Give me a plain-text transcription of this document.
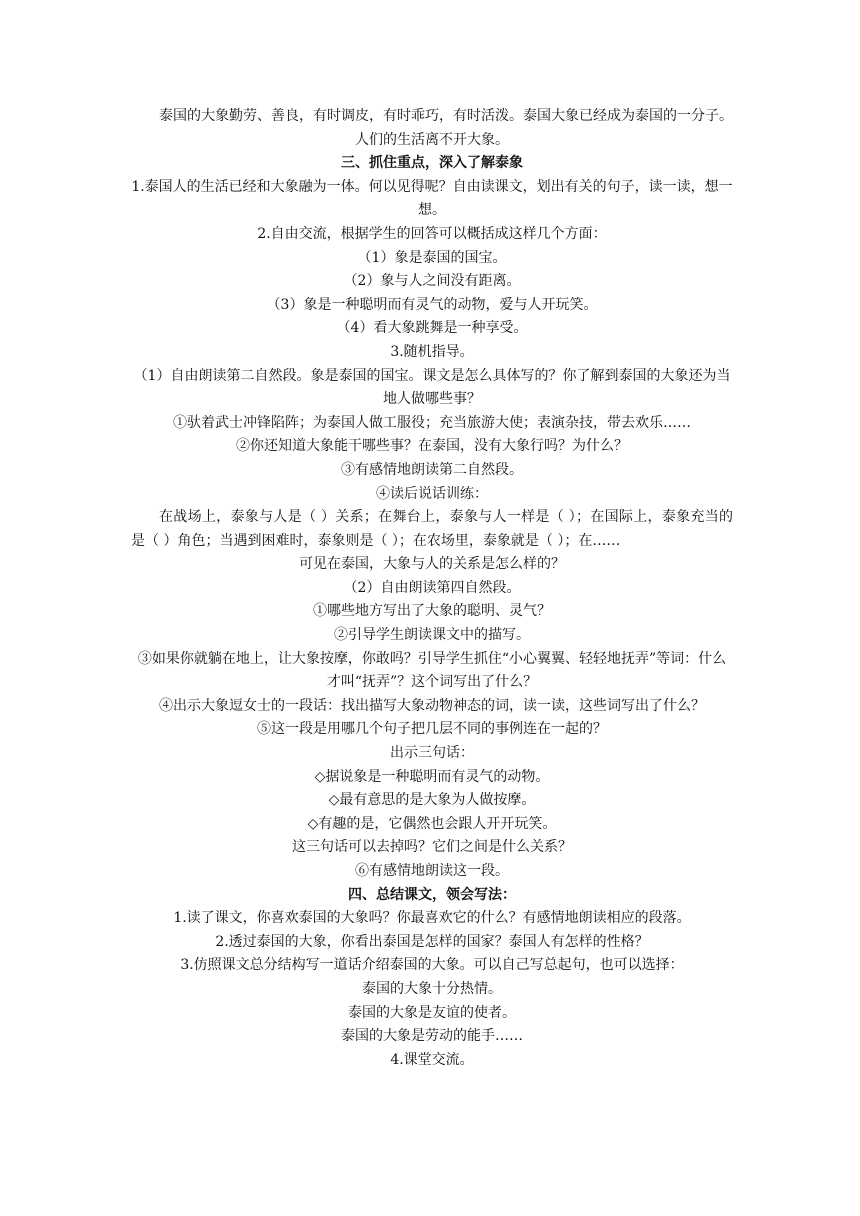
泰国的大象勤劳、善良，有时调皮，有时乖巧，有时活泼。泰国大象已经成为泰国的一分子。人们的生活离不开大象。

三、抓住重点，深入了解泰象

1.泰国人的生活已经和大象融为一体。何以见得呢？自由读课文，划出有关的句子，读一读，想一想。

2.自由交流，根据学生的回答可以概括成这样几个方面：

（1）象是泰国的国宝。

（2）象与人之间没有距离。

（3）象是一种聪明而有灵气的动物，爱与人开玩笑。

（4）看大象跳舞是一种享受。

3.随机指导。

（1）自由朗读第二自然段。象是泰国的国宝。课文是怎么具体写的？你了解到泰国的大象还为当地人做哪些事？

①驮着武士冲锋陷阵；为泰国人做工服役；充当旅游大使；表演杂技，带去欢乐……

②你还知道大象能干哪些事？在泰国，没有大象行吗？为什么？

③有感情地朗读第二自然段。

④读后说话训练：

在战场上，泰象与人是（ ）关系；在舞台上，泰象与人一样是（ ）；在国际上，泰象充当的是（ ）角色；当遇到困难时，泰象则是（ ）；在农场里，泰象就是（ ）；在……

可见在泰国，大象与人的关系是怎么样的？

（2）自由朗读第四自然段。

①哪些地方写出了大象的聪明、灵气？

②引导学生朗读课文中的描写。

③如果你就躺在地上，让大象按摩，你敢吗？引导学生抓住“小心翼翼、轻轻地抚弄”等词：什么才叫“抚弄”？这个词写出了什么？

④出示大象逗女士的一段话：找出描写大象动物神态的词，读一读，这些词写出了什么？

⑤这一段是用哪几个句子把几层不同的事例连在一起的？

出示三句话：

◇据说象是一种聪明而有灵气的动物。

◇最有意思的是大象为人做按摩。

◇有趣的是，它偶然也会跟人开开玩笑。

这三句话可以去掉吗？它们之间是什么关系？

⑥有感情地朗读这一段。

四、总结课文，领会写法：

1.读了课文，你喜欢泰国的大象吗？你最喜欢它的什么？有感情地朗读相应的段落。

2.透过泰国的大象，你看出泰国是怎样的国家？泰国人有怎样的性格？

3.仿照课文总分结构写一道话介绍泰国的大象。可以自己写总起句，也可以选择：

泰国的大象十分热情。

泰国的大象是友谊的使者。

泰国的大象是劳动的能手……

4.课堂交流。
